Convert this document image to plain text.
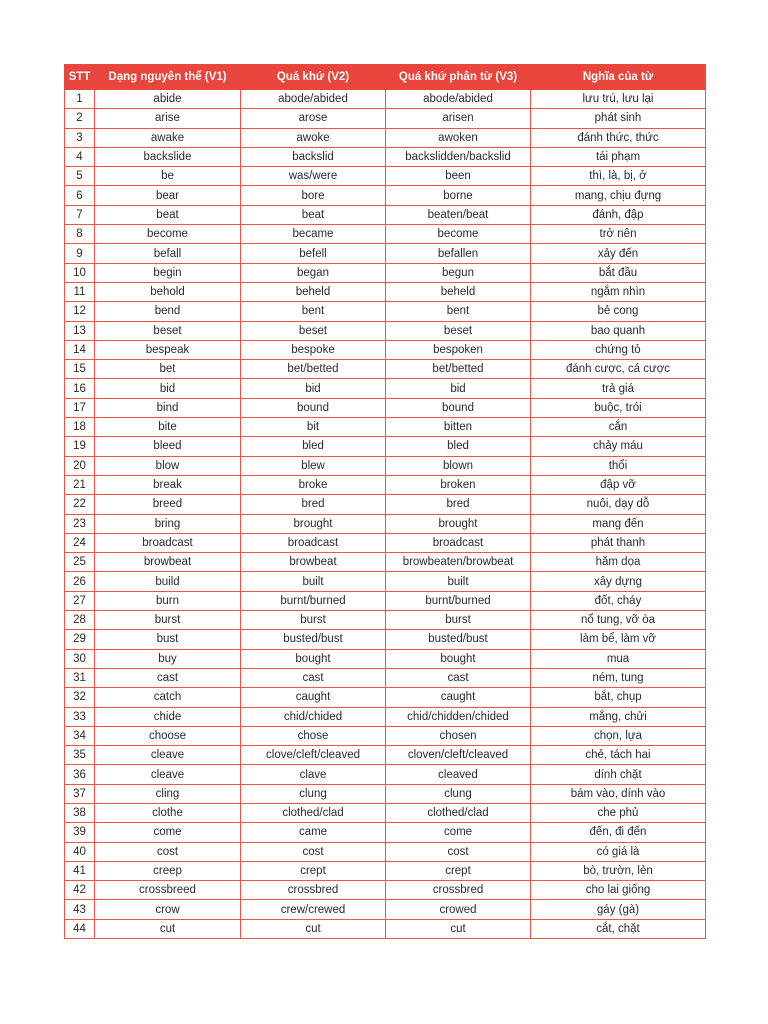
STT	Dạng nguyên thể (V1)	Quá khứ (V2)	Quá khứ phân từ (V3)	Nghĩa của từ
1	abide	abode/abided	abode/abided	lưu trú, lưu lại
2	arise	arose	arisen	phát sinh
3	awake	awoke	awoken	đánh thức, thức
4	backslide	backslid	backslidden/backslid	tái phạm
5	be	was/were	been	thì, là, bị, ở
6	bear	bore	borne	mang, chịu đựng
7	beat	beat	beaten/beat	đánh, đập
8	become	became	become	trở nên
9	befall	befell	befallen	xảy đến
10	begin	began	begun	bắt đầu
11	behold	beheld	beheld	ngắm nhìn
12	bend	bent	bent	bẻ cong
13	beset	beset	beset	bao quanh
14	bespeak	bespoke	bespoken	chứng tỏ
15	bet	bet/betted	bet/betted	đánh cược, cá cược
16	bid	bid	bid	trả giá
17	bind	bound	bound	buộc, trói
18	bite	bit	bitten	cắn
19	bleed	bled	bled	chảy máu
20	blow	blew	blown	thổi
21	break	broke	broken	đập vỡ
22	breed	bred	bred	nuôi, dạy dỗ
23	bring	brought	brought	mang đến
24	broadcast	broadcast	broadcast	phát thanh
25	browbeat	browbeat	browbeaten/browbeat	hăm dọa
26	build	built	built	xây dựng
27	burn	burnt/burned	burnt/burned	đốt, cháy
28	burst	burst	burst	nổ tung, vỡ òa
29	bust	busted/bust	busted/bust	làm bể, làm vỡ
30	buy	bought	bought	mua
31	cast	cast	cast	ném, tung
32	catch	caught	caught	bắt, chụp
33	chide	chid/chided	chid/chidden/chided	mắng, chửi
34	choose	chose	chosen	chọn, lựa
35	cleave	clove/cleft/cleaved	cloven/cleft/cleaved	chẻ, tách hai
36	cleave	clave	cleaved	dính chặt
37	cling	clung	clung	bám vào, dính vào
38	clothe	clothed/clad	clothed/clad	che phủ
39	come	came	come	đến, đi đến
40	cost	cost	cost	có giá là
41	creep	crept	crept	bò, trườn, lẻn
42	crossbreed	crossbred	crossbred	cho lai giống
43	crow	crew/crewed	crowed	gáy (gà)
44	cut	cut	cut	cắt, chặt
